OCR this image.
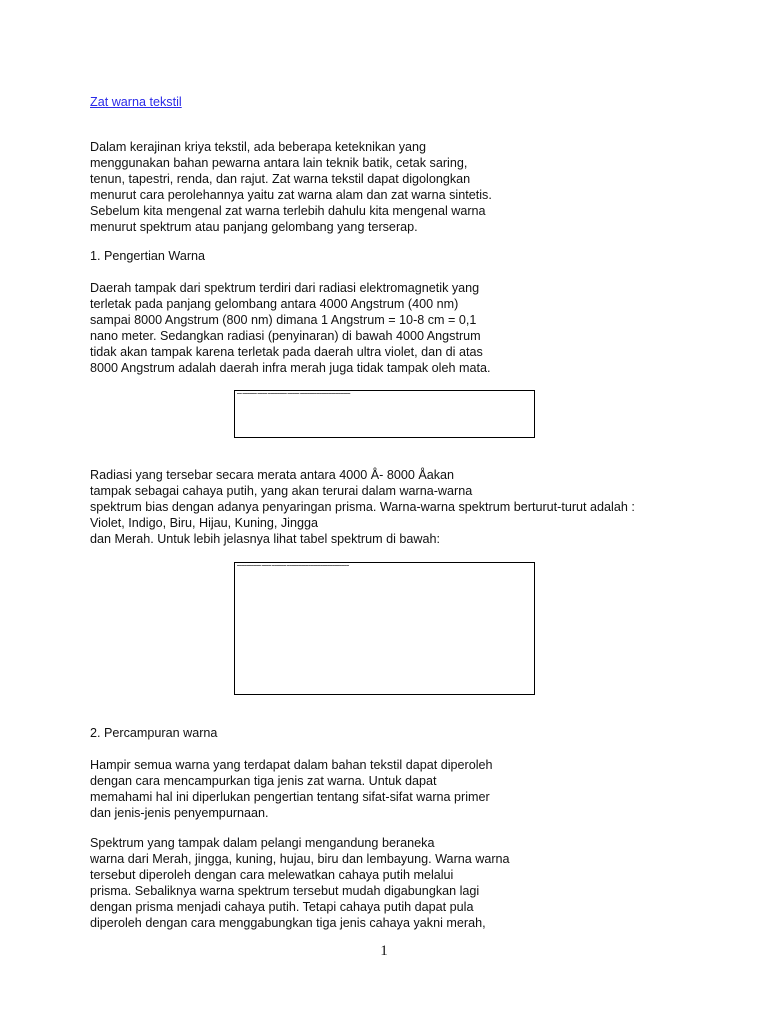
Zat warna tekstil

Dalam kerajinan kriya tekstil, ada beberapa keteknikan yang
menggunakan bahan pewarna antara lain teknik batik, cetak saring,
tenun, tapestri, renda, dan rajut. Zat warna tekstil dapat digolongkan
menurut cara perolehannya yaitu zat warna alam dan zat warna sintetis.
Sebelum kita mengenal zat warna terlebih dahulu kita mengenal warna
menurut spektrum atau panjang gelombang yang terserap.

1. Pengertian Warna

Daerah tampak dari spektrum terdiri dari radiasi elektromagnetik yang
terletak pada panjang gelombang antara 4000 Angstrum (400 nm)
sampai 8000 Angstrum (800 nm) dimana 1 Angstrum = 10-8 cm = 0,1
nano meter. Sedangkan radiasi (penyinaran) di bawah 4000 Angstrum
tidak akan tampak karena terletak pada daerah ultra violet, dan di atas
8000 Angstrum adalah daerah infra merah juga tidak tampak oleh mata.

▬▬ ▬▬▬▬▬▬ ▬▬▬▬ ▬▬▬▬▬▬▬▬ ▬▬▬▬▬ ▬▬▬▬▬▬▬▬▬▬▬▬▬▬▬▬▬▬▬▬▬

Radiasi yang tersebar secara merata antara 4000 Å- 8000 Åakan
tampak sebagai cahaya putih, yang akan terurai dalam warna-warna
spektrum bias dengan adanya penyaringan prisma. Warna-warna spektrum berturut-turut adalah :
Violet, Indigo, Biru, Hijau, Kuning, Jingga
dan Merah. Untuk lebih jelasnya lihat tabel spektrum di bawah:

▬▬▬▬▬▬▬▬▬▬ ▬▬▬▬ ▬▬▬▬▬▬ ▬▬▬▬▬▬▬▬▬▬▬▬▬▬▬▬▬▬▬▬▬▬▬▬▬▬

2. Percampuran warna

Hampir semua warna yang terdapat dalam bahan tekstil dapat diperoleh
dengan cara mencampurkan tiga jenis zat warna. Untuk dapat
memahami hal ini diperlukan pengertian tentang sifat-sifat warna primer
dan jenis-jenis penyempurnaan.

Spektrum yang tampak dalam pelangi mengandung beraneka
warna dari Merah, jingga, kuning, hujau, biru dan lembayung. Warna warna
tersebut diperoleh dengan cara melewatkan cahaya putih melalui
prisma. Sebaliknya warna spektrum tersebut mudah digabungkan lagi
dengan prisma menjadi cahaya putih. Tetapi cahaya putih dapat pula
diperoleh dengan cara menggabungkan tiga jenis cahaya yakni merah,

1
